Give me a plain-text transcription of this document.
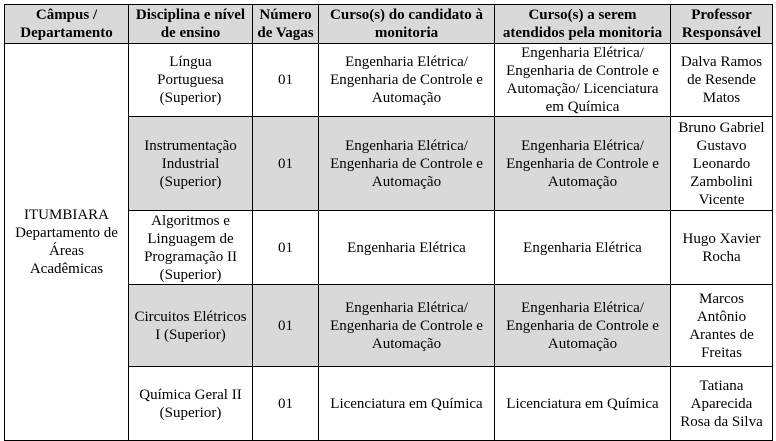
Câmpus /
Departamento	Disciplina e nível
de ensino	Número
de Vagas	Curso(s) do candidato à
monitoria	Curso(s) a serem
atendidos pela monitoria	Professor
Responsável

ITUMBIARA
Departamento de
Áreas
Acadêmicas	Língua
Portuguesa
(Superior)	01	Engenharia Elétrica/
Engenharia de Controle e
Automação	Engenharia Elétrica/
Engenharia de Controle e
Automação/ Licenciatura
em Química	Dalva Ramos
de Resende
Matos

	Instrumentação
Industrial
(Superior)	01	Engenharia Elétrica/
Engenharia de Controle e
Automação	Engenharia Elétrica/
Engenharia de Controle e
Automação	Bruno Gabriel
Gustavo
Leonardo
Zambolini
Vicente

	Algoritmos e
Linguagem de
Programação II
(Superior)	01	Engenharia Elétrica	Engenharia Elétrica	Hugo Xavier
Rocha

	Circuitos Elétricos
I (Superior)	01	Engenharia Elétrica/
Engenharia de Controle e
Automação	Engenharia Elétrica/
Engenharia de Controle e
Automação	Marcos
Antônio
Arantes de
Freitas

	Química Geral II
(Superior)	01	Licenciatura em Química	Licenciatura em Química	Tatiana
Aparecida
Rosa da Silva
